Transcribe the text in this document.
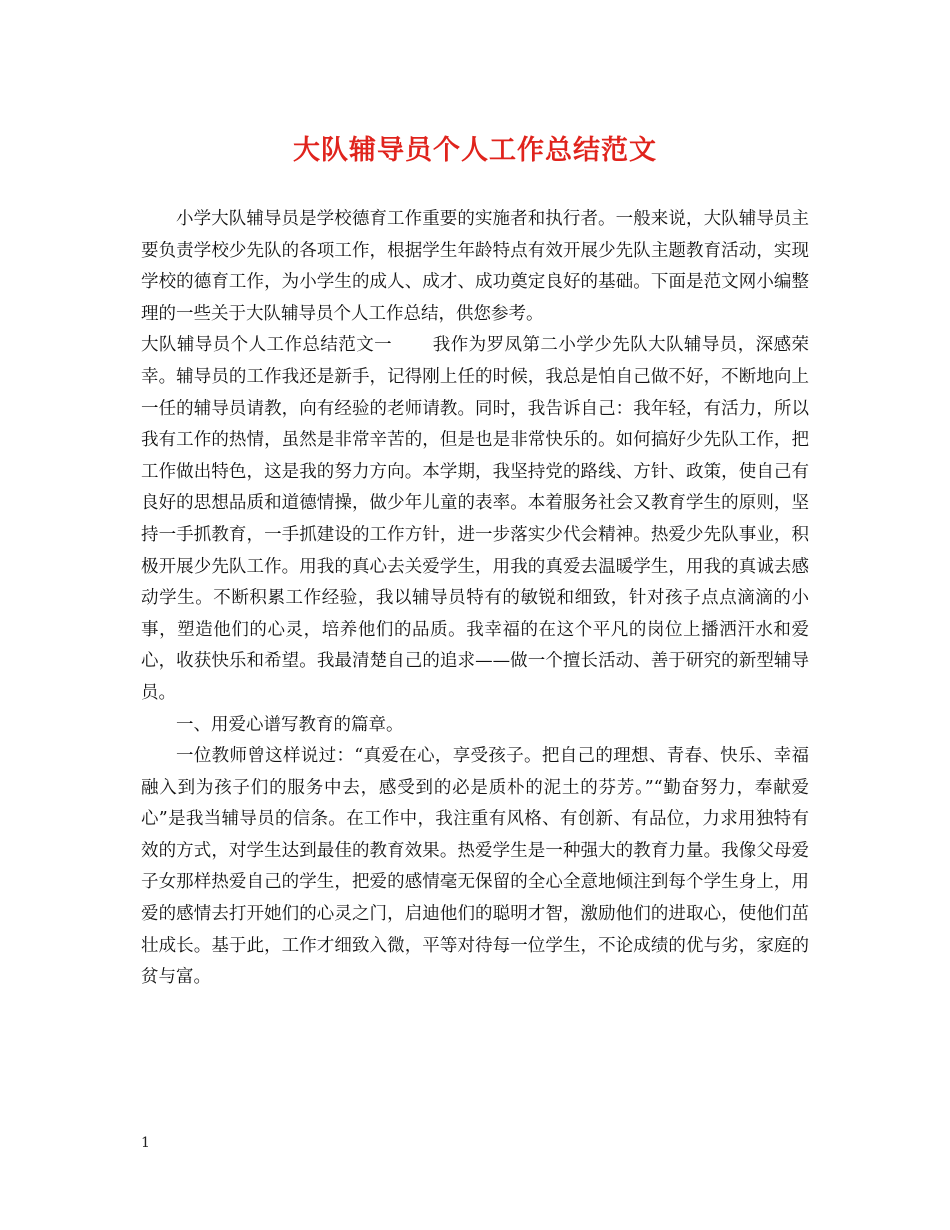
大队辅导员个人工作总结范文

小学大队辅导员是学校德育工作重要的实施者和执行者。一般来说，大队辅导员主要负责学校少先队的各项工作，根据学生年龄特点有效开展少先队主题教育活动，实现学校的德育工作，为小学生的成人、成才、成功奠定良好的基础。下面是范文网小编整理的一些关于大队辅导员个人工作总结，供您参考。

大队辅导员个人工作总结范文一 我作为罗凤第二小学少先队大队辅导员，深感荣幸。辅导员的工作我还是新手，记得刚上任的时候，我总是怕自己做不好，不断地向上一任的辅导员请教，向有经验的老师请教。同时，我告诉自己：我年轻，有活力，所以我有工作的热情，虽然是非常辛苦的，但是也是非常快乐的。如何搞好少先队工作，把工作做出特色，这是我的努力方向。本学期，我坚持党的路线、方针、政策，使自己有良好的思想品质和道德情操，做少年儿童的表率。本着服务社会又教育学生的原则，坚持一手抓教育，一手抓建设的工作方针，进一步落实少代会精神。热爱少先队事业，积极开展少先队工作。用我的真心去关爱学生，用我的真爱去温暖学生，用我的真诚去感动学生。不断积累工作经验，我以辅导员特有的敏锐和细致，针对孩子点点滴滴的小事，塑造他们的心灵，培养他们的品质。我幸福的在这个平凡的岗位上播洒汗水和爱心，收获快乐和希望。我最清楚自己的追求——做一个擅长活动、善于研究的新型辅导员。

一、用爱心谱写教育的篇章。

一位教师曾这样说过：“真爱在心，享受孩子。把自己的理想、青春、快乐、幸福融入到为孩子们的服务中去，感受到的必是质朴的泥土的芬芳。”“勤奋努力，奉献爱心”是我当辅导员的信条。在工作中，我注重有风格、有创新、有品位，力求用独特有效的方式，对学生达到最佳的教育效果。热爱学生是一种强大的教育力量。我像父母爱子女那样热爱自己的学生，把爱的感情毫无保留的全心全意地倾注到每个学生身上，用爱的感情去打开她们的心灵之门，启迪他们的聪明才智，激励他们的进取心，使他们茁壮成长。基于此，工作才细致入微，平等对待每一位学生，不论成绩的优与劣，家庭的贫与富。

1
